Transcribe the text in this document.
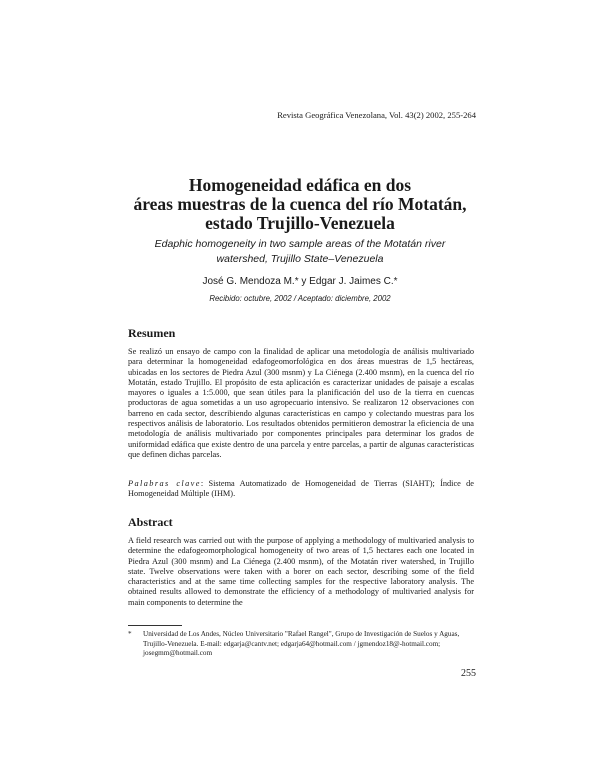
Revista Geográfica Venezolana, Vol. 43(2) 2002, 255-264
Homogeneidad edáfica en dos
áreas muestras de la cuenca del río Motatán,
estado Trujillo-Venezuela
Edaphic homogeneity in two sample areas of the Motatán river
watershed, Trujillo State–Venezuela
José G. Mendoza M.* y Edgar J. Jaimes C.*
Recibido: octubre, 2002 / Aceptado: diciembre, 2002
Resumen
Se realizó un ensayo de campo con la finalidad de aplicar una metodología de análisis multivariado para determinar la homogeneidad edafogeomorfológica en dos áreas muestras de 1,5 hectáreas, ubicadas en los sectores de Piedra Azul (300 msnm) y La Ciénega (2.400 msnm), en la cuenca del río Motatán, estado Trujillo. El propósito de esta aplicación es caracterizar unidades de paisaje a escalas mayores o iguales a 1:5.000, que sean útiles para la planificación del uso de la tierra en cuencas productoras de agua sometidas a un uso agropecuario intensivo. Se realizaron 12 observaciones con barreno en cada sector, describiendo algunas características en campo y colectando muestras para los respectivos análisis de laboratorio. Los resultados obtenidos permitieron demostrar la eficiencia de una metodología de análisis multivariado por componentes principales para determinar los grados de uniformidad edáfica que existe dentro de una parcela y entre parcelas, a partir de algunas características que definen dichas parcelas.
Palabras clave: Sistema Automatizado de Homogeneidad de Tierras (SIAHT); Índice de Homogeneidad Múltiple (IHM).
Abstract
A field research was carried out with the purpose of applying a methodology of multivaried analysis to determine the edafogeomorphological homogeneity of two areas of 1,5 hectares each one located in Piedra Azul (300 msnm) and La Ciénega (2.400 msnm), of the Motatán river watershed, in Trujillo state. Twelve observations were taken with a borer on each sector, describing some of the field characteristics and at the same time collecting samples for the respective laboratory analysis. The obtained results allowed to demonstrate the efficiency of a methodology of multivaried analysis for main components to determine the
* Universidad de Los Andes, Núcleo Universitario "Rafael Rangel", Grupo de Investigación de Suelos y Aguas, Trujillo-Venezuela. E-mail: edgarja@cantv.net; edgarja64@hotmail.com / jgmendoz18@-hotmail.com; josegmm@hotmail.com
255
